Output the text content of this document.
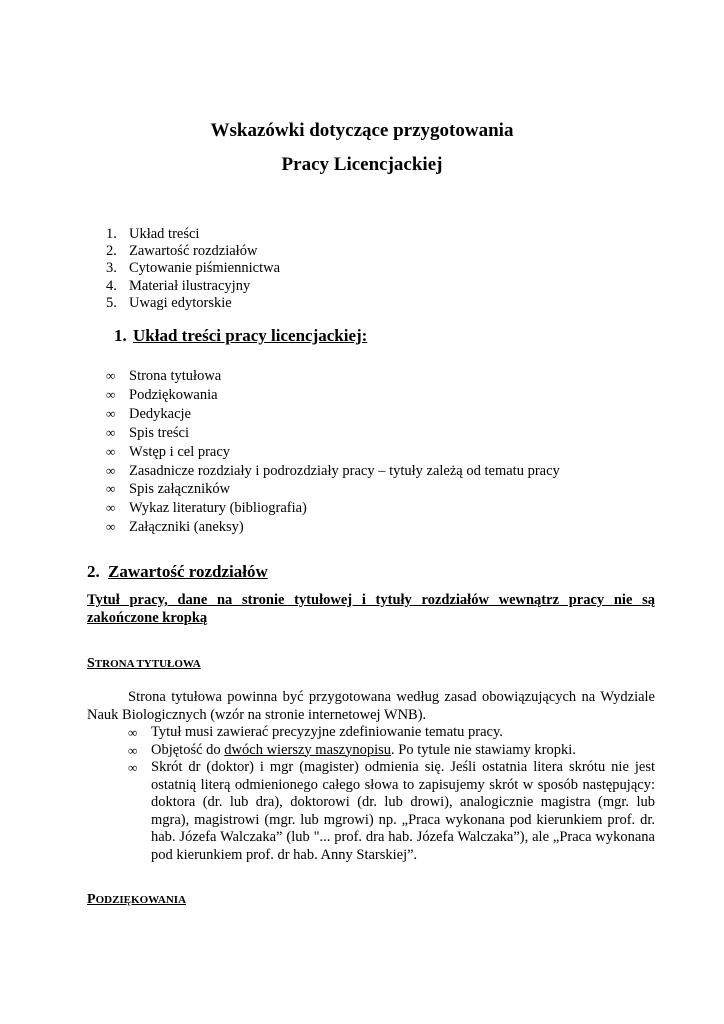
Wskazówki dotyczące przygotowania
Pracy Licencjackiej
1. Układ treści
2. Zawartość rozdziałów
3. Cytowanie piśmiennictwa
4. Materiał ilustracyjny
5. Uwagi edytorskie
1. Układ treści pracy licencjackiej:
∞ Strona tytułowa
∞ Podziękowania
∞ Dedykacje
∞ Spis treści
∞ Wstęp i cel pracy
∞ Zasadnicze rozdziały i podrozdziały pracy – tytuły zależą od tematu pracy
∞ Spis załączników
∞ Wykaz literatury (bibliografia)
∞ Załączniki (aneksy)
2. Zawartość rozdziałów
Tytuł pracy, dane na stronie tytułowej i tytuły rozdziałów wewnątrz pracy nie są zakończone kropką
STRONA TYTUŁOWA
Strona tytułowa powinna być przygotowana według zasad obowiązujących na Wydziale Nauk Biologicznych (wzór na stronie internetowej WNB).
∞ Tytuł musi zawierać precyzyjne zdefiniowanie tematu pracy.
∞ Objętość do dwóch wierszy maszynopisu. Po tytule nie stawiamy kropki.
∞ Skrót dr (doktor) i mgr (magister) odmienia się. Jeśli ostatnia litera skrótu nie jest ostatnią literą odmienionego całego słowa to zapisujemy skrót w sposób następujący: doktora (dr. lub dra), doktorowi (dr. lub drowi), analogicznie magistra (mgr. lub mgra), magistrowi (mgr. lub mgrowi) np. „Praca wykonana pod kierunkiem prof. dr. hab. Józefa Walczaka” (lub "... prof. dra hab. Józefa Walczaka”), ale „Praca wykonana pod kierunkiem prof. dr hab. Anny Starskiej”.
PODZIĘKOWANIA
